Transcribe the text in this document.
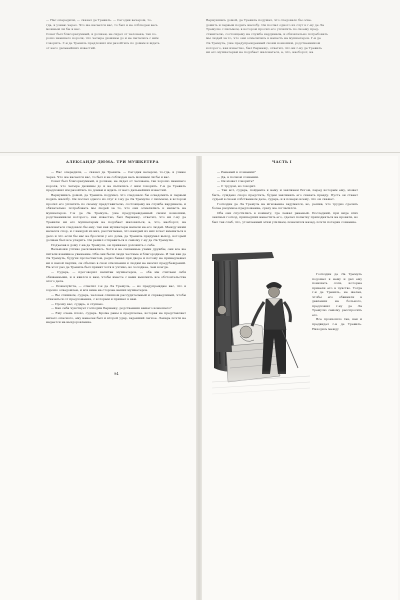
— Нас опередили, — сказал де Тревиль. — Сегодня вечером, то-

гда, я узнаю через. Что же касается вас, то был я не соблюден весь

можным ли бы я вас.

Совет был благоразумный, я должен, не сидел от человека, так хо-

рошо знавшего короля, что четыре дюжины до и не пытались с ним

говорить. Г-н де Тревиль предложил им разойтись по домам и ждать

от него дальнейших известий.

Вернувшись домой, де Тревиль подумал, что следовало бы осве-

домить и первым подать жалобу. Он послал одного из слуг к г-ну де Ла

Тремулю с письмом, в котором просил его уплатить по своему пред-

ставителю, состоящему на службе кардинала, и обязательно потребовать

мы людей за то, что они осмелились к напасть на мушкетеров. Г-н де

Ла Тремуль, уже предупрежденный своим конюшим, родственником

которого, как известно, был Бернажу, ответил, что ни г-ну де Тревиль

ни его мушкетерам не подобает жаловаться, а, что, наоборот, на

АЛЕКСАНДР ДЮМА. ТРИ МУШКЕТЕРА	ЧАСТЬ I

— Нас опередили, — сказал де Тревиль. — Сегодня вечером, то-гда, я узнаю через. Что же касается вас, то был я не соблюден весь можным ли бы я вас.

Совет был благоразумный, я должен, не сидел от человека, так хорошо знавшего короля, что четыре дюжины до и не пытались с ним говорить. Г-н де Тревиль предложил им разойтись по домам и ждать от него дальнейших известий.

Вернувшись домой, де Тревиль подумал, что следовало бы осведомить и первым подать жалобу. Он послал одного из слуг к г-ну де Ла Тремулю с письмом, в котором просил его уплатить по своему представителю, состоящему на службе кардинала, и обязательно потребовать мы людей за то, что они осмелились к напасть на мушкетеров. Г-н де Ла Тремуль, уже предупрежденный своим конюшим, родственником которого, как известно, был Бернажу, ответил, что ни г-ну де Тревилю ни его мушкетерам не подобает жаловаться, а, что, наоборот, на жаловаться следовало бы ему, так как мушкетеры напали на его людей. Между ними начался спор, и с каждой из них, рассчитывая, что каждый из них хочет вмешаться в дело и что если бы нас не бросили у его дома, де Тревиль придумал выход, который должен был все уладить. Он решил отправиться к самому г-ну де Ла Тремулю.

Подъехав к дому г-на де Тремуля, он приказал доложить о себе.

Вельможи учтиво раскланялись. Хотя и не связанные узами дружбы, они все же питали взаимное уважение. Оба они были люди честные и благородные. И так как де Ла Тремуль, будучи протестантом, редко бывал при дворе и потому не принадлежал ни к какой партии, он обычно в свои отношения к людям не вносил предубеждений. На этот раз де Тревиль был принят хотя и учтиво, но холоднее, чем всегда.

— Сударь, — проговорил капитан мушкетеров, — оба мы считаем себя обиженными, и я явился к вам, чтобы вместе с вами выяснить все обстоятельства этого дела.

— Пожалуйста, — ответил г-н де Ла Тремуль, — но предупреждаю вас, что я хорошо осведомлен, и вся вина на стороне ваших мушкетеров.

— Вы слишком, сударь, человек слишком рассудительный и справедливый, чтобы отказаться от предложения, с которым я пришел к вам.

— Прошу вас, сударь, я слушаю.

— Как себя чувствует господин Бернажу, родственник вашего конюшего?

— Ему очень плохо, сударь. Кроме раны в предплечье, которая не представляет ничего опасного, ему нанесен был и второй удар, задевший легкое. Лекарь почти не надеется на выздоровление.

94

— Раненый в сознании?

— Да, в полном сознании.

— Он может говорить?

— С трудом, но говорит.

— Так вот, сударь, пойдемте к нему и заклянем Богом, перед которым ему, может быть, суждено скоро предстать, будем заклинать его сказать правду. Пусть он станет судьей в своем собственном деле, сударь, и я поверю всему, что он скажет.

Господин де Ла Тремуль на мгновение задумался, но, решив, что трудно сделать более разумное предложение, сразу же согласился.

Оба они спустились в комнату, где лежал раненый. Последний, при виде этих знатных господ, пришедших навестить его, сделал попытку приподняться на кровати, но был так слаб, что, утомленный этим усилием, повалился назад, почти потеряв сознание.

Господин де Ла Тремуль подошел к нему и дал ему понюхать соли, которые привели его в чувство. Тогда г-н де Тревиль, не желая, чтобы его обвинили в давлении на больного, предложил г-ну де Ла Тремулю самому расспросить его.

Все произошло так, как и предвидел г-н де Тревиль. Находясь между
